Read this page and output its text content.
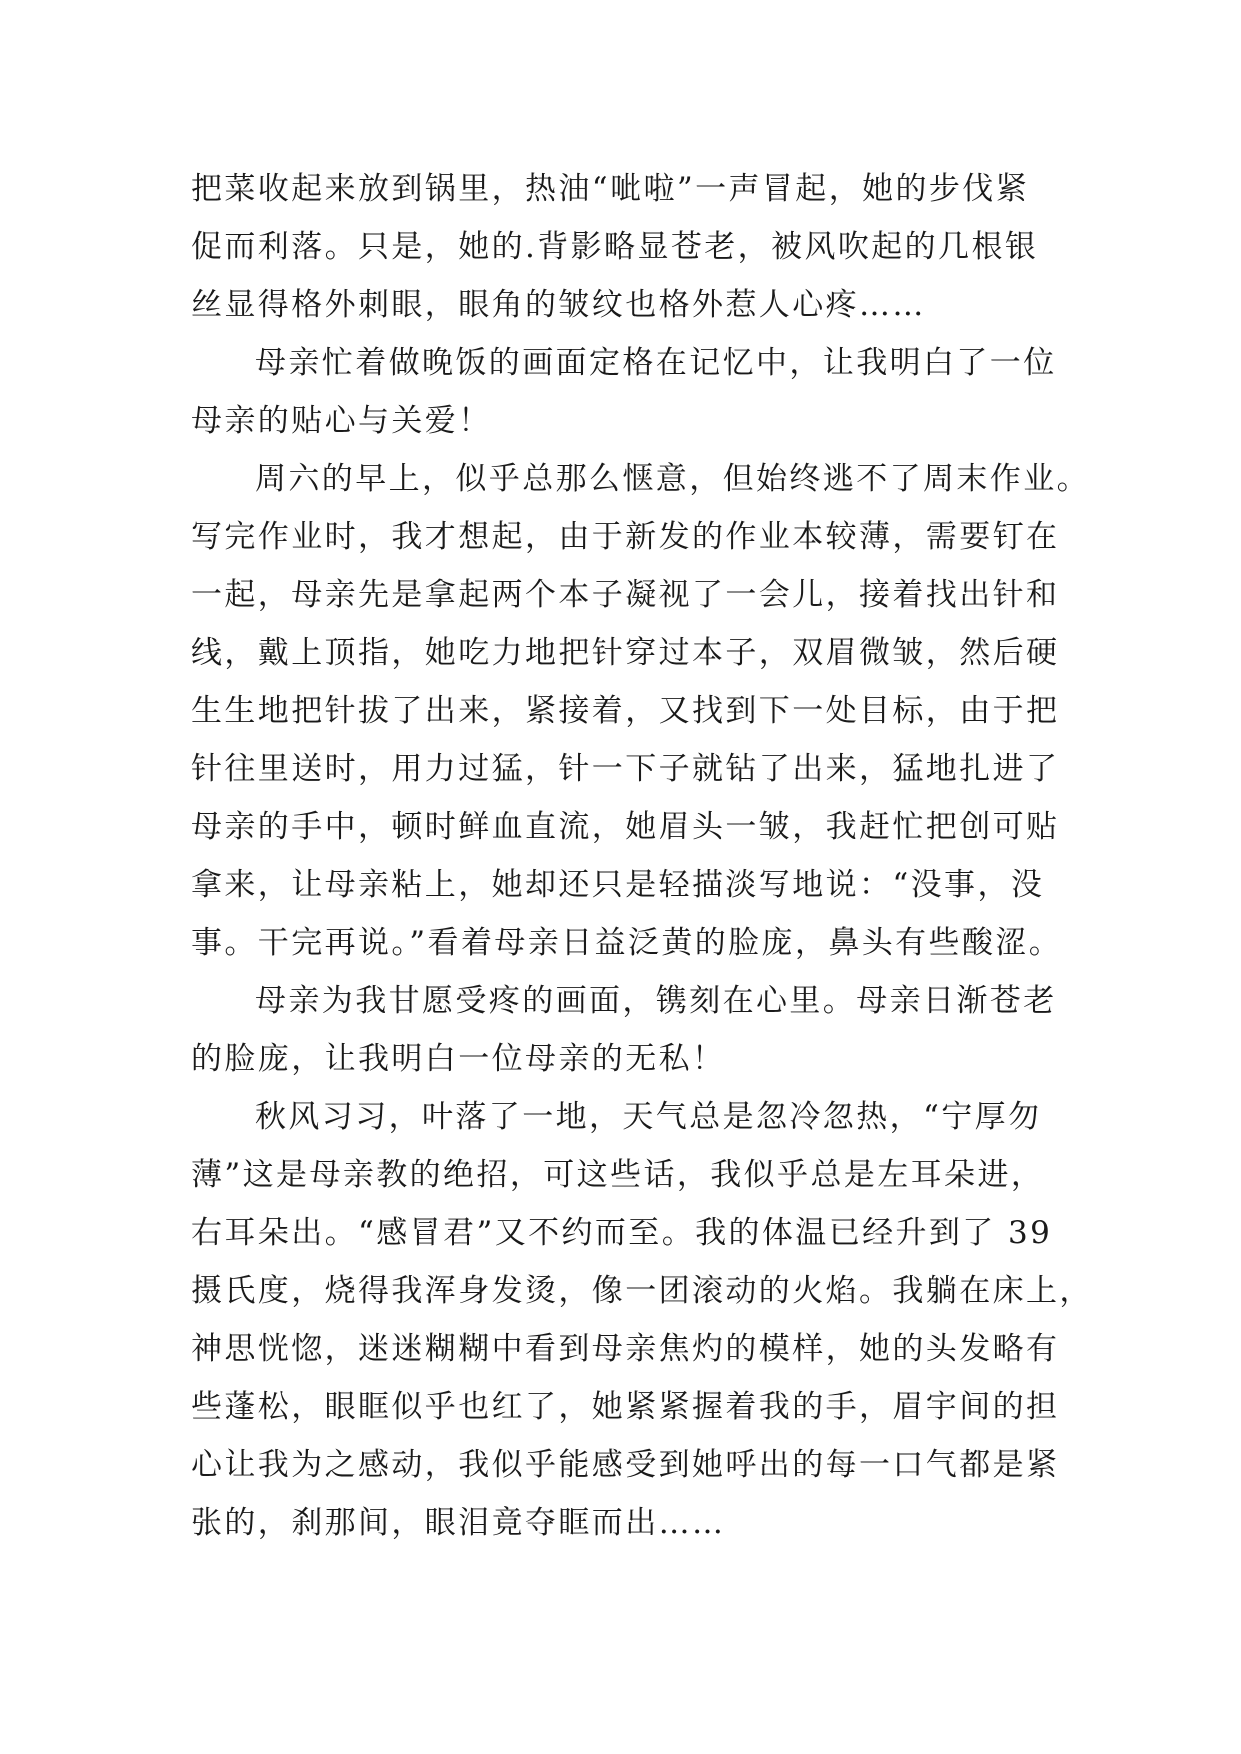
把菜收起来放到锅里，热油“呲啦”一声冒起，她的步伐紧
促而利落。只是，她的.背影略显苍老，被风吹起的几根银
丝显得格外刺眼，眼角的皱纹也格外惹人心疼……
母亲忙着做晚饭的画面定格在记忆中，让我明白了一位
母亲的贴心与关爱！
周六的早上，似乎总那么惬意，但始终逃不了周末作业。
写完作业时，我才想起，由于新发的作业本较薄，需要钉在
一起，母亲先是拿起两个本子凝视了一会儿，接着找出针和
线，戴上顶指，她吃力地把针穿过本子，双眉微皱，然后硬
生生地把针拔了出来，紧接着，又找到下一处目标，由于把
针往里送时，用力过猛，针一下子就钻了出来，猛地扎进了
母亲的手中，顿时鲜血直流，她眉头一皱，我赶忙把创可贴
拿来，让母亲粘上，她却还只是轻描淡写地说：“没事，没
事。干完再说。”看着母亲日益泛黄的脸庞，鼻头有些酸涩。
母亲为我甘愿受疼的画面，镌刻在心里。母亲日渐苍老
的脸庞，让我明白一位母亲的无私！
秋风习习，叶落了一地，天气总是忽冷忽热，“宁厚勿
薄”这是母亲教的绝招，可这些话，我似乎总是左耳朵进，
右耳朵出。“感冒君”又不约而至。我的体温已经升到了 39
摄氏度，烧得我浑身发烫，像一团滚动的火焰。我躺在床上，
神思恍惚，迷迷糊糊中看到母亲焦灼的模样，她的头发略有
些蓬松，眼眶似乎也红了，她紧紧握着我的手，眉宇间的担
心让我为之感动，我似乎能感受到她呼出的每一口气都是紧
张的，刹那间，眼泪竟夺眶而出……
